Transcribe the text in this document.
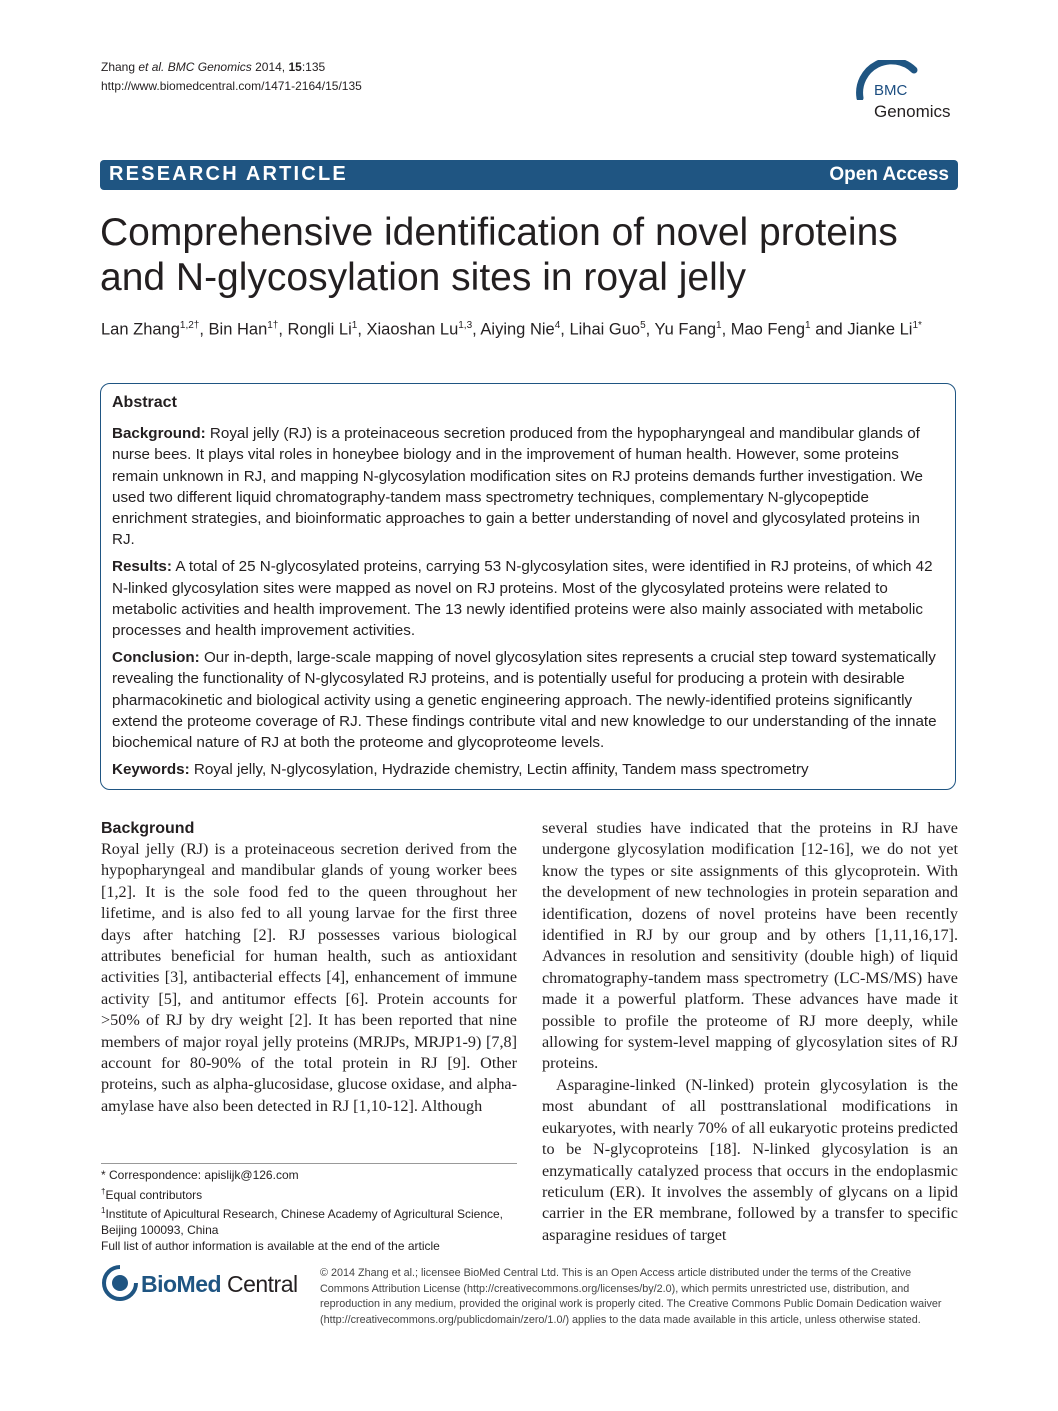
Zhang et al. BMC Genomics 2014, 15:135
http://www.biomedcentral.com/1471-2164/15/135	BMC
Genomics
RESEARCH ARTICLE	Open Access
Comprehensive identification of novel proteins and N-glycosylation sites in royal jelly
Lan Zhang$^{1,2\dagger}$, Bin Han$^{1\dagger}$, Rongli Li$^1$, Xiaoshan Lu$^{1,3}$, Aiying Nie$^4$, Lihai Guo$^5$, Yu Fang$^1$, Mao Feng$^1$ and Jianke $Li^{1*}$
Abstract

Background: Royal jelly (RJ) is a proteinaceous secretion produced from the hypopharyngeal and mandibular glands of nurse bees. It plays vital roles in honeybee biology and in the improvement of human health. However, some proteins remain unknown in RJ, and mapping N-glycosylation modification sites on RJ proteins demands further investigation. We used two different liquid chromatography-tandem mass spectrometry techniques, complementary N-glycopeptide enrichment strategies, and bioinformatic approaches to gain a better understanding of novel and glycosylated proteins in RJ.

Results: A total of 25 N-glycosylated proteins, carrying 53 N-glycosylation sites, were identified in RJ proteins, of which 42 N-linked glycosylation sites were mapped as novel on RJ proteins. Most of the glycosylated proteins were related to metabolic activities and health improvement. The 13 newly identified proteins were also mainly associated with metabolic processes and health improvement activities.

Conclusion: Our in-depth, large-scale mapping of novel glycosylation sites represents a crucial step toward systematically revealing the functionality of N-glycosylated RJ proteins, and is potentially useful for producing a protein with desirable pharmacokinetic and biological activity using a genetic engineering approach. The newly-identified proteins significantly extend the proteome coverage of RJ. These findings contribute vital and new knowledge to our understanding of the innate biochemical nature of RJ at both the proteome and glycoproteome levels.

Keywords: Royal jelly, N-glycosylation, Hydrazide chemistry, Lectin affinity, Tandem mass spectrometry

Background
Royal jelly (RJ) is a proteinaceous secretion derived from the hypopharyngeal and mandibular glands of young worker bees [1,2]. It is the sole food fed to the queen throughout her lifetime, and is also fed to all young larvae for the first three days after hatching [2]. RJ possesses various biological attributes beneficial for human health, such as antioxidant activities [3], antibacterial effects [4], enhancement of immune activity [5], and antitumor effects [6]. Protein accounts for >50% of RJ by dry weight [2]. It has been reported that nine members of major royal jelly proteins (MRJPs, MRJP1-9) [7,8] account for 80-90% of the total protein in RJ [9]. Other proteins, such as alpha-glucosidase, glucose oxidase, and alpha-amylase have also been detected in RJ [1,10-12]. Although
several studies have indicated that the proteins in RJ have undergone glycosylation modification [12-16], we do not yet know the types or site assignments of this glycoprotein. With the development of new technologies in protein separation and identification, dozens of novel proteins have been recently identified in RJ by our group and by others [1,11,16,17]. Advances in resolution and sensitivity (double high) of liquid chromatography-tandem mass spectrometry (LC-MS/MS) have made it a powerful platform. These advances have made it possible to profile the proteome of RJ more deeply, while allowing for system-level mapping of glycosylation sites of RJ proteins.
Asparagine-linked (N-linked) protein glycosylation is the most abundant of all posttranslational modifications in eukaryotes, with nearly 70% of all eukaryotic proteins predicted to be N-glycoproteins [18]. N-linked glycosylation is an enzymatically catalyzed process that occurs in the endoplasmic reticulum (ER). It involves the assembly of glycans on a lipid carrier in the ER membrane, followed by a transfer to specific asparagine residues of target
* Correspondence: apislijk@126.com
†Equal contributors
$^1$Institute of Apicultural Research, Chinese Academy of Agricultural Science, Beijing 100093, China
Full list of author information is available at the end of the article
BioMed Central © 2014 Zhang et al.; licensee BioMed Central Ltd. This is an Open Access article distributed under the terms of the Creative Commons Attribution License (http://creativecommons.org/licenses/by/2.0), which permits unrestricted use, distribution, and reproduction in any medium, provided the original work is properly cited. The Creative Commons Public Domain Dedication waiver (http://creativecommons.org/publicdomain/zero/1.0/) applies to the data made available in this article, unless otherwise stated.
